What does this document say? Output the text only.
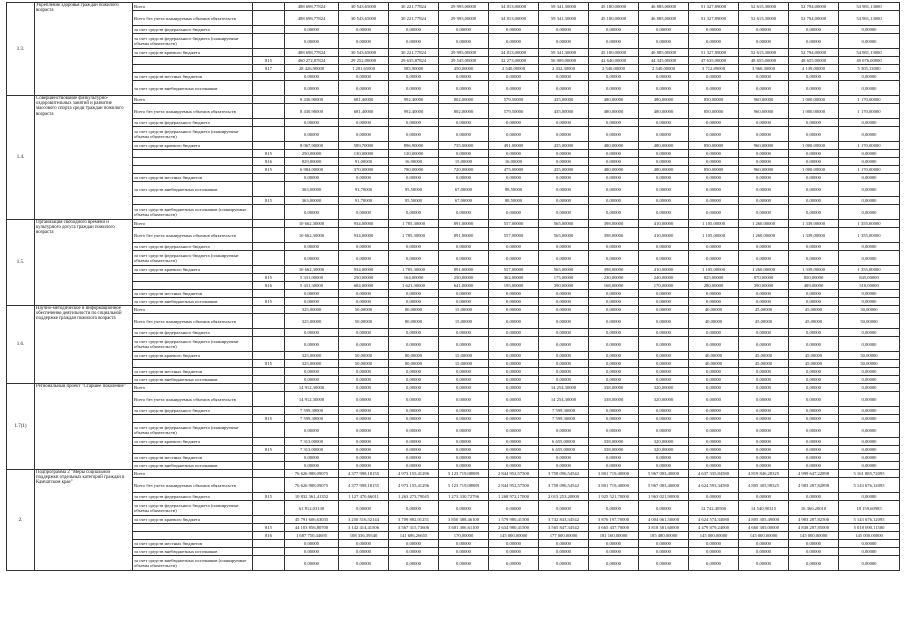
1.3.	Укрепление здоровья граждан пожилого возраста	Всего		488 698,77824	30 543,65000	30 221,77824	29 995,00000	34 813,00000	59 341,30000	45 180,00000	46 885,00000	51 327,89000	52 615,30000	52 794,00000	54 981,13000
		Всего без учета планируемых объемов обязательств		488 698,77824	30 543,65000	30 221,77824	29 995,00000	34 813,00000	59 341,30000	45 180,00000	46 885,00000	51 327,89000	52 615,30000	52 794,00000	54 981,13000
		за счет средств федерального бюджета		0,00000	0,00000	0,00000	0,00000	0,00000	0,00000	0,00000	0,00000	0,00000	0,00000	0,00000	0,00000
		за счет средств федерального бюджета (планируемые объемы обязательств)		0,00000	0,00000	0,00000	0,00000	0,00000	0,00000	0,00000	0,00000	0,00000	0,00000	0,00000	0,00000
		за счет средств краевого бюджета		488 698,77824	30 543,65000	30 221,77824	29 995,00000	34 813,00000	59 341,30000	45 180,00000	46 885,00000	51 327,89000	52 615,30000	52 794,00000	54 981,13000
			815	460 272,87824	29 252,00000	29 635,87824	29 545,00000	32 273,00000	56 909,00000	42 640,00000	44 345,00000	47 635,00000	48 655,00000	48 655,00000	49 676,00000
			817	28 426,90000	1 291,65000	585,90000	450,00000	2 540,00000	2 432,30000	2 540,00000	2 540,00000	3 712,89000	3 960,30000	4 139,00000	5 305,13000
		за счет средств местных бюджетов		0,00000	0,00000	0,00000	0,00000	0,00000	0,00000	0,00000	0,00000	0,00000	0,00000	0,00000	0,00000
		за счет средств внебюджетных источников		0,00000	0,00000	0,00000	0,00000	0,00000	0,00000	0,00000	0,00000	0,00000	0,00000	0,00000	0,00000
1.4.	Совершенствование физкультурно-оздоровительных занятий и развитие массового спорта среди граждан пожилого возраста	Всего		8 430,90000	681,40000	992,40000	802,00000	579,50000	435,00000	480,00000	480,00000	850,00000	960,00000	1 000,00000	1 170,00000
		Всего без учета планируемых объемов обязательств		8 430,90000	681,40000	992,40000	802,00000	579,50000	435,00000	480,00000	480,00000	850,00000	960,00000	1 000,00000	1 170,00000
		за счет средств федерального бюджета		0,00000	0,00000	0,00000	0,00000	0,00000	0,00000	0,00000	0,00000	0,00000	0,00000	0,00000	0,00000
		за счет средств федерального бюджета (планируемые объемы обязательств)		0,00000	0,00000	0,00000	0,00000	0,00000	0,00000	0,00000	0,00000	0,00000	0,00000	0,00000	0,00000
		за счет средств краевого бюджета		8 067,90000	589,70000	896,90000	735,00000	491,00000	435,00000	480,00000	480,00000	850,00000	960,00000	1 000,00000	1 170,00000
			815	250,00000	130,00000	120,00000	0,00000	0,00000	0,00000	0,00000	0,00000	0,00000	0,00000	0,00000	0,00000
			816	829,00000	91,00000	16,90000	15,00000	16,00000	0,00000	0,00000	0,00000	0,00000	0,00000	0,00000	0,00000
			815	6 984,00000	370,00000	780,00000	720,00000	475,00000	435,00000	480,00000	480,00000	850,00000	960,00000	1 000,00000	1 170,00000
		за счет средств местных бюджетов		0,00000	0,00000	0,00000	0,00000	0,00000	0,00000	0,00000	0,00000	0,00000	0,00000	0,00000	0,00000
		за счет средств внебюджетных источников		363,00000	91,70000	95,50000	67,00000	88,50000	0,00000	0,00000	0,00000	0,00000	0,00000	0,00000	0,00000
			815	363,00000	91,70000	95,50000	67,00000	88,50000	0,00000	0,00000	0,00000	0,00000	0,00000	0,00000	0,00000
		за счет средств внебюджетных источников (планируемые объемы обязательств)		0,00000	0,00000	0,00000	0,00000	0,00000	0,00000	0,00000	0,00000	0,00000	0,00000	0,00000	0,00000
1.5.	Организация свободного времени и культурного досуга граждан пожилого возраста	Всего		10 662,30000	934,00000	1 785,30000	891,00000	557,00000	565,00000	398,00000	410,00000	1 105,00000	1 260,00000	1 339,00000	1 355,00000
		Всего без учета планируемых объемов обязательств		10 662,30000	934,00000	1 785,30000	891,00000	557,00000	565,00000	398,00000	410,00000	1 105,00000	1 260,00000	1 339,00000	1 355,00000
		за счет средств федерального бюджета		0,00000	0,00000	0,00000	0,00000	0,00000	0,00000	0,00000	0,00000	0,00000	0,00000	0,00000	0,00000
		за счет средств федерального бюджета (планируемые объемы обязательств)		0,00000	0,00000	0,00000	0,00000	0,00000	0,00000	0,00000	0,00000	0,00000	0,00000	0,00000	0,00000
		за счет средств краевого бюджета		10 662,30000	934,00000	1 785,30000	891,00000	557,00000	565,00000	398,00000	410,00000	1 105,00000	1 260,00000	1 339,00000	1 355,00000
			815	5 331,00000	250,00000	164,00000	250,00000	362,00000	175,00000	230,00000	240,00000	825,00000	870,00000	850,00000	845,00000
			816	5 431,30000	684,00000	1 621,30000	641,00000	195,00000	390,00000	168,00000	170,00000	280,00000	390,00000	489,00000	510,00000
		за счет средств местных бюджетов		0,00000	0,00000	0,00000	0,00000	0,00000	0,00000	0,00000	0,00000	0,00000	0,00000	0,00000	0,00000
		за счет средств внебюджетных источников	815	0,00000	0,00000	0,00000	0,00000	0,00000	0,00000	0,00000	0,00000	0,00000	0,00000	0,00000	0,00000
1.6.	Научно-методическое и информационное обеспечение деятельности по социальной поддержке граждан пожилого возраста	Всего		325,00000	50,00000	80,00000	15,00000	0,00000	0,00000	0,00000	0,00000	40,00000	45,00000	45,00000	50,00000
		Всего без учета планируемых объемов обязательств		325,00000	50,00000	80,00000	15,00000	0,00000	0,00000	0,00000	0,00000	40,00000	45,00000	45,00000	50,00000
		за счет средств федерального бюджета		0,00000	0,00000	0,00000	0,00000	0,00000	0,00000	0,00000	0,00000	0,00000	0,00000	0,00000	0,00000
		за счет средств федерального бюджета (планируемые объемы обязательств)		0,00000	0,00000	0,00000	0,00000	0,00000	0,00000	0,00000	0,00000	0,00000	0,00000	0,00000	0,00000
		за счет средств краевого бюджета		325,00000	50,00000	80,00000	15,00000	0,00000	0,00000	0,00000	0,00000	40,00000	45,00000	45,00000	50,00000
			815	325,00000	50,00000	80,00000	15,00000	0,00000	0,00000	0,00000	0,00000	40,00000	45,00000	45,00000	50,00000
		за счет средств местных бюджетов		0,00000	0,00000	0,00000	0,00000	0,00000	0,00000	0,00000	0,00000	0,00000	0,00000	0,00000	0,00000
		за счет средств внебюджетных источников		0,00000	0,00000	0,00000	0,00000	0,00000	0,00000	0,00000	0,00000	0,00000	0,00000	0,00000	0,00000
1.7(1)	Региональный проект "Старшее поколение"	Всего		14 912,30000	0,00000	0,00000	0,00000	0,00000	14 254,30000	338,00000	320,00000	0,00000	0,00000	0,00000	0,00000
		Всего без учета планируемых объемов обязательств		14 912,30000	0,00000	0,00000	0,00000	0,00000	14 254,30000	338,00000	320,00000	0,00000	0,00000	0,00000	0,00000
		за счет средств федерального бюджета		7 599,30000	0,00000	0,00000	0,00000	0,00000	7 599,30000	0,00000	0,00000	0,00000	0,00000	0,00000	0,00000
			815	7 599,30000	0,00000	0,00000	0,00000	0,00000	7 599,30000	0,00000	0,00000	0,00000	0,00000	0,00000	0,00000
		за счет средств федерального бюджета (планируемые объемы обязательств)		0,00000	0,00000	0,00000	0,00000	0,00000	0,00000	0,00000	0,00000	0,00000	0,00000	0,00000	0,00000
		за счет средств краевого бюджета		7 313,00000	0,00000	0,00000	0,00000	0,00000	6 655,00000	338,00000	320,00000	0,00000	0,00000	0,00000	0,00000
			815	7 313,00000	0,00000	0,00000	0,00000	0,00000	6 655,00000	338,00000	320,00000	0,00000	0,00000	0,00000	0,00000
		за счет средств местных бюджетов		0,00000	0,00000	0,00000	0,00000	0,00000	0,00000	0,00000	0,00000	0,00000	0,00000	0,00000	0,00000
		за счет средств внебюджетных источников		0,00000	0,00000	0,00000	0,00000	0,00000	0,00000	0,00000	0,00000	0,00000	0,00000	0,00000	0,00000
2.	Подпрограмма 2 "Меры социальной поддержки отдельных категорий граждан в Камчатском крае"	Всего		76 626 988,09075	4 377 998,18155	4 973 155,41296	5 123 719,08889	2 844 952,57500	3 758 096,54542	3 801 719,40000	5 967 083,40000	4 637 335,84580	4 819 846,28325	4 999 647,22898	5 161 885,72095
		Всего без учета планируемых объемов обязательств		76 626 988,09075	4 377 998,18155	4 973 155,41296	5 123 719,08889	2 844 952,57500	3 758 096,54542	3 801 719,40000	5 967 083,40000	4 624 593,34580	4 805 305,98325	4 983 287,82898	5 143 676,12095
		за счет средств федерального бюджета	815	10 832 361,41352	1 127 470,66011	1 263 273,79045	1 273 330,72796	1 268 972,17000	2 015 253,20000	1 925 521,70000	1 963 021,90000	0,00000	0,00000	0,00000	0,00000
		за счет средств федерального бюджета (планируемые объемы обязательств)		61 812,03130	0,00000	0,00000	0,00000	0,00000	0,00000	0,00000	0,00000	12 742,40500	14 540,90315	16 360,20010	18 159,60985
		за счет средств краевого бюджета		45 791 606,63035	3 250 516,52144	3 709 882,01251	3 850 388,46100	1 579 980,41500	3 742 843,34542	3 876 197,70000	4 004 061,50000	4 624 574,34080	4 805 305,49000	4 983 287,82500	5 143 676,12095
			815	44 103 856,80700	3 142 414,41506	3 567 315,73606	3 681 306,61100	2 634 980,41500	3 565 847,34542	3 665 437,70000	3 818 581,60000	4 479 879,24000	4 660 385,00000	4 838 287,85000	5 018 690,11500
			816	1 687 750,44695	108 336,39540	141 686,26655	170,00000	145 000,00000	177 000,00000	181 160,00000	185 480,00000	145 000,00000	145 000,00000	145 000,00000	145 000,00000
		за счет средств местных бюджетов		0,00000	0,00000	0,00000	0,00000	0,00000	0,00000	0,00000	0,00000	0,00000	0,00000	0,00000	0,00000
		за счет средств внебюджетных источников		0,00000	0,00000	0,00000	0,00000	0,00000	0,00000	0,00000	0,00000	0,00000	0,00000	0,00000	0,00000
		за счет средств внебюджетных источников (планируемые объемы обязательств)		0,00000	0,00000	0,00000	0,00000	0,00000	0,00000	0,00000	0,00000	0,00000	0,00000	0,00000	0,00000
